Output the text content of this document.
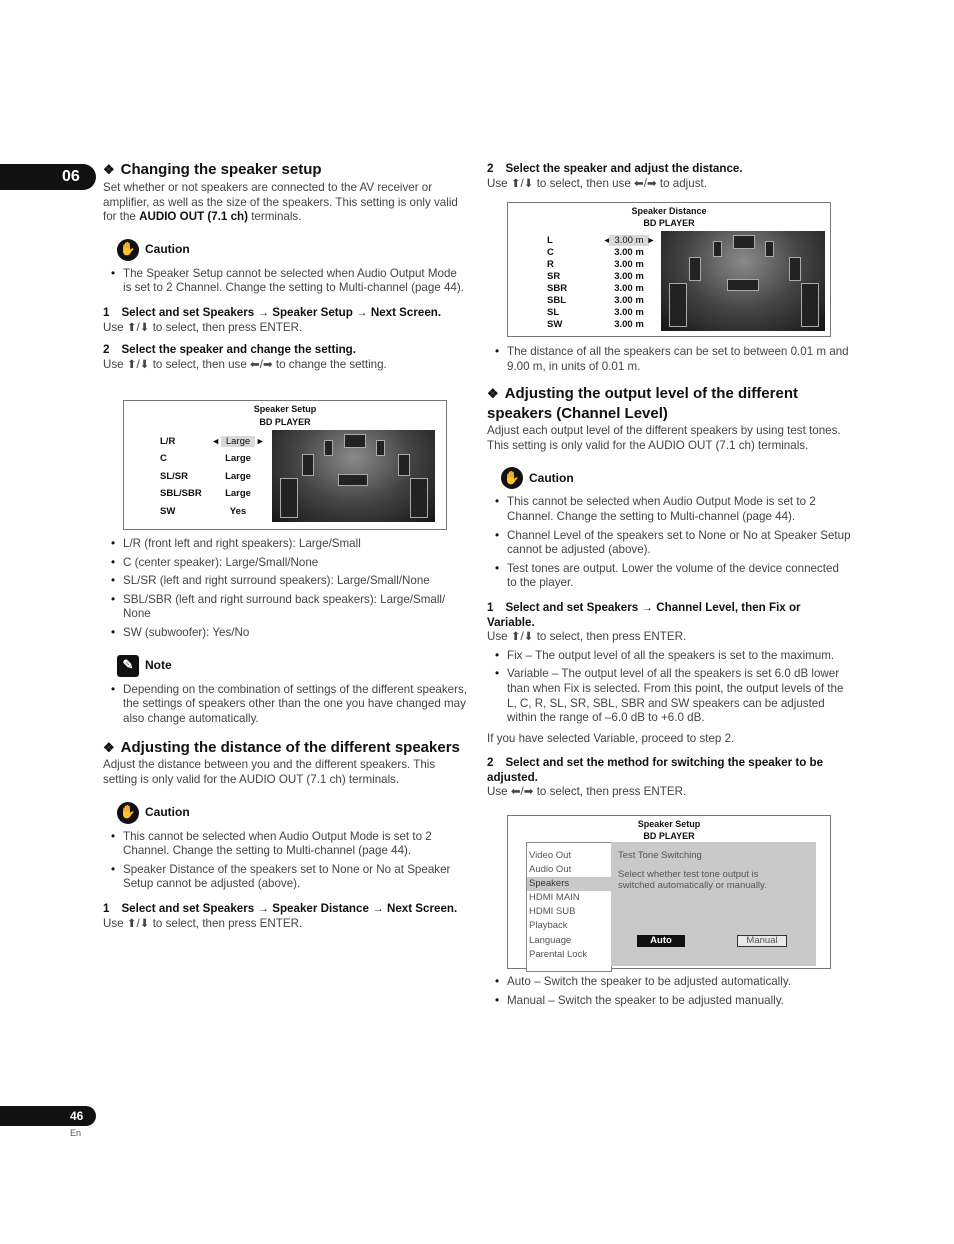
06
46
En

❖ Changing the speaker setup

Set whether or not speakers are connected to the AV receiver or amplifier, as well as the size of the speakers. This setting is only valid for the AUDIO OUT (7.1 ch) terminals.

✋ Caution
• The Speaker Setup cannot be selected when Audio Output Mode is set to 2 Channel. Change the setting to Multi-channel (page 44).

1 Select and set Speakers → Speaker Setup → Next Screen.

Use ⬆/⬇ to select, then press ENTER.

2 Select the speaker and change the setting.

Use ⬆/⬇ to select, then use ⬅/➡ to change the setting.

Speaker Setup
BD PLAYER
L/R
C
SL/SR
SBL/SBR
SW
◂ Large ▸
Large
Large
Large
Yes
• L/R (front left and right speakers): Large/Small
• C (center speaker): Large/Small/None
• SL/SR (left and right surround speakers): Large/Small/None
• SBL/SBR (left and right surround back speakers): Large/Small/ None
• SW (subwoofer): Yes/No
✎ Note
• Depending on the combination of settings of the different speakers, the settings of speakers other than the one you have changed may also change automatically.

❖ Adjusting the distance of the different speakers

Adjust the distance between you and the different speakers. This setting is only valid for the AUDIO OUT (7.1 ch) terminals.

✋ Caution
• This cannot be selected when Audio Output Mode is set to 2 Channel. Change the setting to Multi-channel (page 44).
• Speaker Distance of the speakers set to None or No at Speaker Setup cannot be adjusted (above).

1 Select and set Speakers → Speaker Distance → Next Screen.

Use ⬆/⬇ to select, then press ENTER.

2 Select the speaker and adjust the distance.

Use ⬆/⬇ to select, then use ⬅/➡ to adjust.

Speaker Distance
BD PLAYER
L
C
R
SR
SBR
SBL
SL
SW
◂ 3.00 m ▸
3.00 m
3.00 m
3.00 m
3.00 m
3.00 m
3.00 m
3.00 m
• The distance of all the speakers can be set to between 0.01 m and 9.00 m, in units of 0.01 m.

❖ Adjusting the output level of the different speakers (Channel Level)

Adjust each output level of the different speakers by using test tones. This setting is only valid for the AUDIO OUT (7.1 ch) terminals.

✋ Caution
• This cannot be selected when Audio Output Mode is set to 2 Channel. Change the setting to Multi-channel (page 44).
• Channel Level of the speakers set to None or No at Speaker Setup cannot be adjusted (above).
• Test tones are output. Lower the volume of the device connected to the player.

1 Select and set Speakers → Channel Level, then Fix or Variable.

Use ⬆/⬇ to select, then press ENTER.

• Fix – The output level of all the speakers is set to the maximum.
• Variable – The output level of all the speakers is set 6.0 dB lower than when Fix is selected. From this point, the output levels of the L, C, R, SL, SR, SBL, SBR and SW speakers can be adjusted within the range of –6.0 dB to +6.0 dB.

If you have selected Variable, proceed to step 2.

2 Select and set the method for switching the speaker to be adjusted.

Use ⬅/➡ to select, then press ENTER.

Speaker Setup
BD PLAYER
Video Out
Audio Out
Speakers
HDMI MAIN
HDMI SUB
Playback
Language
Parental Lock
Test Tone Switching
Select whether test tone output is
switched automatically or manually.
Auto	Manual
• Auto – Switch the speaker to be adjusted automatically.
• Manual – Switch the speaker to be adjusted manually.
